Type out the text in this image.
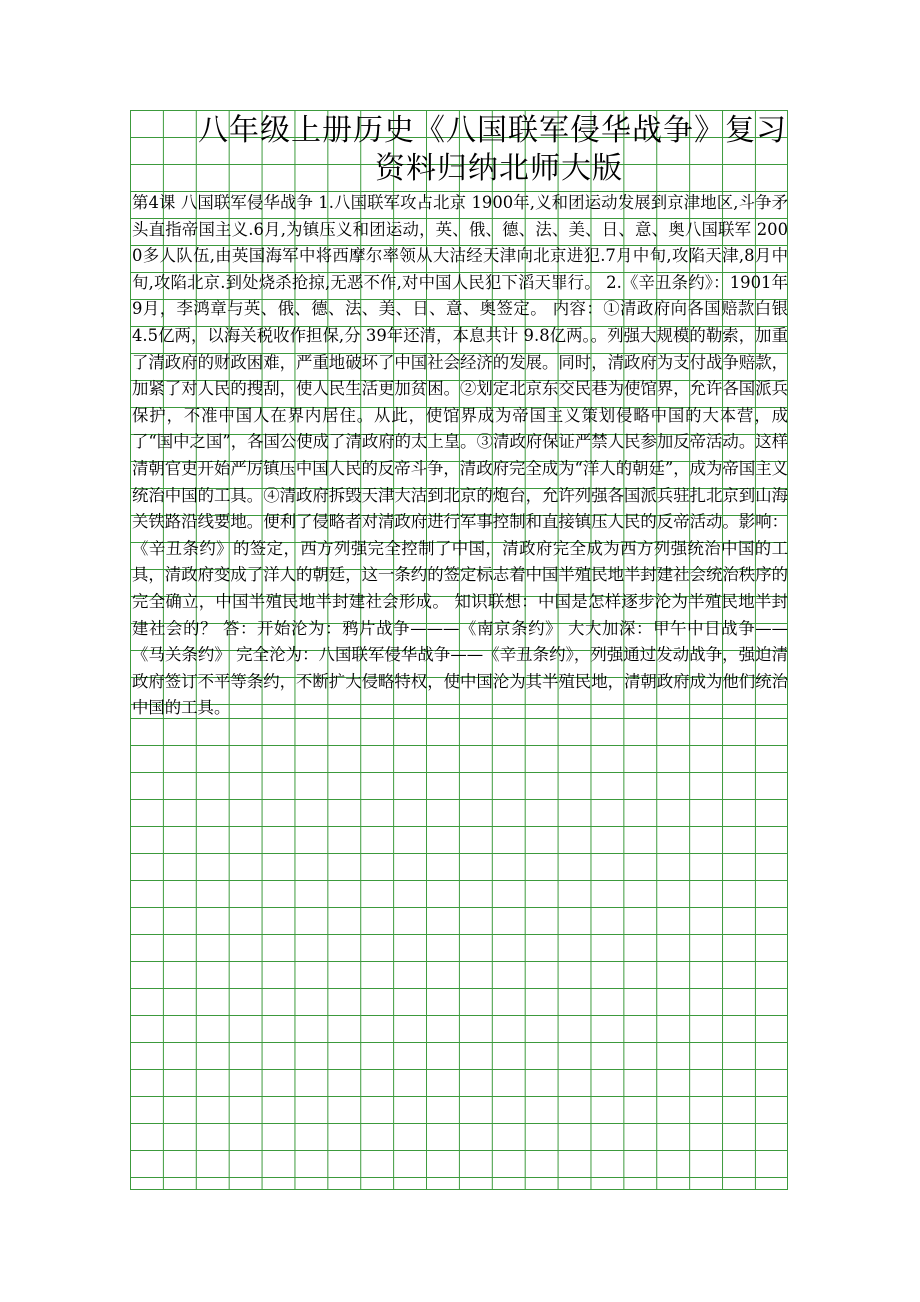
八年级上册历史《八国联军侵华战争》复习
资料归纳北师大版
第4课 八国联军侵华战争 1.八国联军攻占北京 1900年,义和团运动发展到京津地区,斗争矛头直指帝国主义.6月,为镇压义和团运动，英、俄、德、法、美、日、意、奥八国联军 2000多人队伍,由英国海军中将西摩尔率领从大沽经天津向北京进犯.7月中旬,攻陷天津,8月中旬,攻陷北京.到处烧杀抢掠,无恶不作,对中国人民犯下滔天罪行。 2.《辛丑条约》：1901年9月，李鸿章与英、俄、德、法、美、日、意、奥签定。 内容：①清政府向各国赔款白银 4.5亿两，以海关税收作担保,分 39年还清，本息共计 9.8亿两。。列强大规模的勒索，加重了清政府的财政困难，严重地破坏了中国社会经济的发展。同时，清政府为支付战争赔款，加紧了对人民的搜刮，使人民生活更加贫困。②划定北京东交民巷为使馆界，允许各国派兵保护，不准中国人在界内居住。从此，使馆界成为帝国主义策划侵略中国的大本营，成了“国中之国”，各国公使成了清政府的太上皇。③清政府保证严禁人民参加反帝活动。这样清朝官吏开始严厉镇压中国人民的反帝斗争，清政府完全成为“洋人的朝廷”，成为帝国主义统治中国的工具。④清政府拆毁天津大沽到北京的炮台，允许列强各国派兵驻扎北京到山海关铁路沿线要地。便利了侵略者对清政府进行军事控制和直接镇压人民的反帝活动。影响：《辛丑条约》的签定，西方列强完全控制了中国，清政府完全成为西方列强统治中国的工具，清政府变成了洋人的朝廷，这一条约的签定标志着中国半殖民地半封建社会统治秩序的完全确立，中国半殖民地半封建社会形成。 知识联想：中国是怎样逐步沦为半殖民地半封建社会的？ 答：开始沦为：鸦片战争———《南京条约》 大大加深：甲午中日战争——《马关条约》 完全沦为：八国联军侵华战争——《辛丑条约》，列强通过发动战争，强迫清政府签订不平等条约，不断扩大侵略特权，使中国沦为其半殖民地，清朝政府成为他们统治中国的工具。
